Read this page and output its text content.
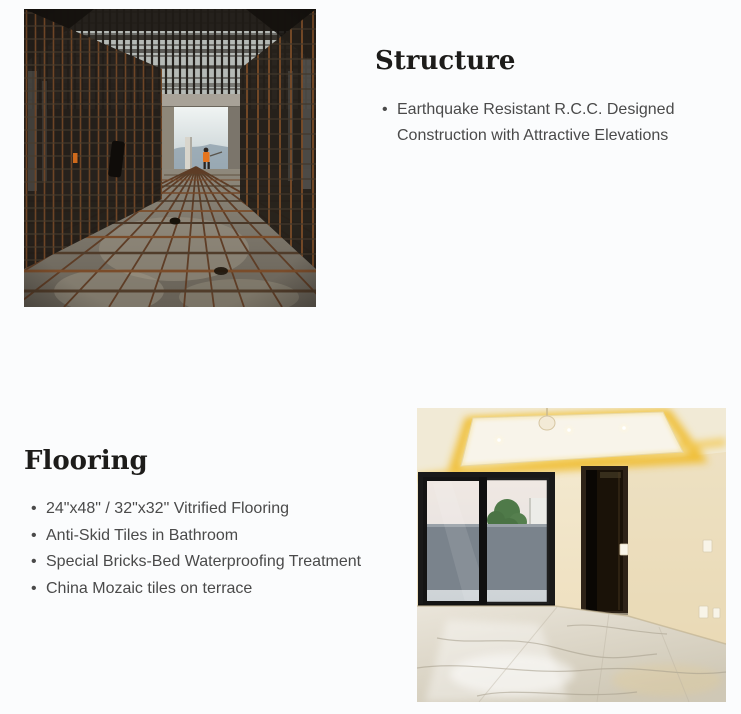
Structure
• Earthquake Resistant R.C.C. Designed Construction with Attractive Elevations
Flooring
• 24"x48" / 32"x32" Vitrified Flooring
• Anti-Skid Tiles in Bathroom
• Special Bricks-Bed Waterproofing Treatment
• China Mozaic tiles on terrace
